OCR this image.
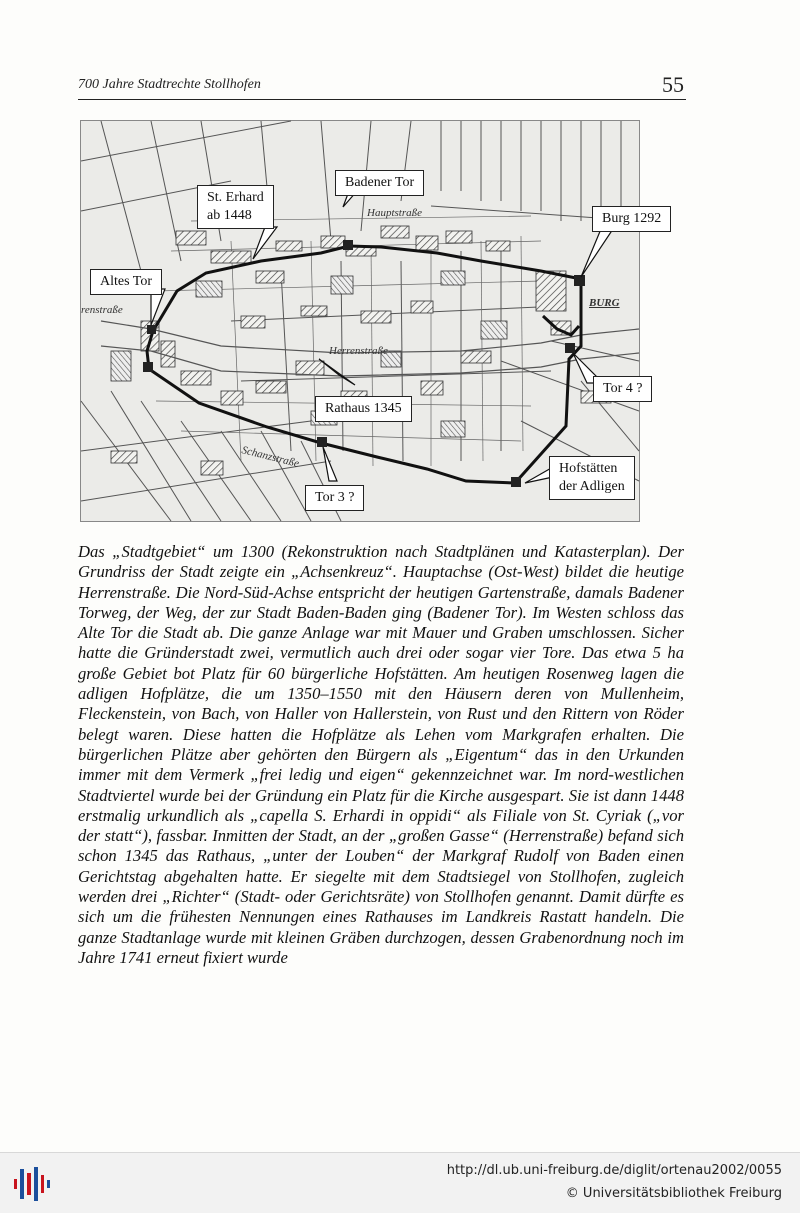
700 Jahre Stadtrechte Stollhofen	55
renstraße
Herrenstraße
Hauptstraße
BURG
Schanzstraße
St. Erhard
ab 1448
Badener Tor
Burg 1292
Altes Tor
Rathaus 1345
Tor 4 ?
Hofstätten
der Adligen
Tor 3 ?

Das „Stadtgebiet“ um 1300 (Rekonstruktion nach Stadtplänen und Katasterplan). Der Grundriss der Stadt zeigte ein „Achsenkreuz“. Hauptachse (Ost-West) bildet die heutige Herrenstraße. Die Nord-Süd-Achse entspricht der heutigen Gartenstraße, damals Badener Torweg, der Weg, der zur Stadt Baden-Baden ging (Badener Tor). Im Westen schloss das Alte Tor die Stadt ab. Die ganze Anlage war mit Mauer und Graben umschlossen. Sicher hatte die Gründerstadt zwei, vermutlich auch drei oder sogar vier Tore. Das etwa 5 ha große Gebiet bot Platz für 60 bürgerliche Hofstätten. Am heutigen Rosenweg lagen die adligen Hofplätze, die um 1350–1550 mit den Häusern deren von Mullenheim, Fleckenstein, von Bach, von Haller von Hallerstein, von Rust und den Rittern von Röder belegt waren. Diese hatten die Hofplätze als Lehen vom Markgrafen erhalten. Die bürgerlichen Plätze aber gehörten den Bürgern als „Eigentum“ das in den Urkunden immer mit dem Vermerk „frei ledig und eigen“ gekennzeichnet war. Im nord-westlichen Stadtviertel wurde bei der Gründung ein Platz für die Kirche ausgespart. Sie ist dann 1448 erstmalig urkundlich als „capella S. Erhardi in oppidi“ als Filiale von St. Cyriak („vor der statt“), fassbar. Inmitten der Stadt, an der „großen Gasse“ (Herrenstraße) befand sich schon 1345 das Rathaus, „unter der Louben“ der Markgraf Rudolf von Baden einen Gerichtstag abgehalten hatte. Er siegelte mit dem Stadtsiegel von Stollhofen, zugleich werden drei „Richter“ (Stadt- oder Gerichtsräte) von Stollhofen genannt. Damit dürfte es sich um die frühesten Nennungen eines Rathauses im Landkreis Rastatt handeln. Die ganze Stadtanlage wurde mit kleinen Gräben durchzogen, dessen Grabenordnung noch im Jahre 1741 erneut fixiert wurde

http://dl.ub.uni-freiburg.de/diglit/ortenau2002/0055
© Universitätsbibliothek Freiburg
